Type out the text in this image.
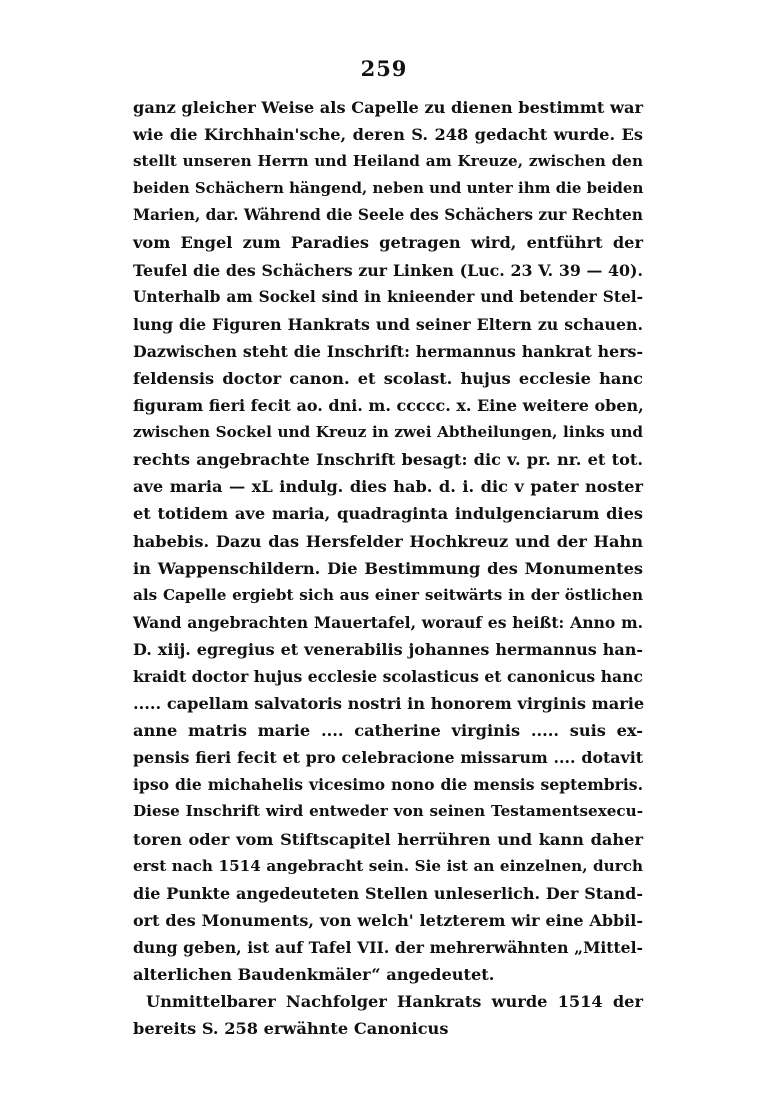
259
ganz gleicher Weise als Capelle zu dienen bestimmt war
wie die Kirchhain'sche, deren S. 248 gedacht wurde. Es
stellt unseren Herrn und Heiland am Kreuze, zwischen den
beiden Schächern hängend, neben und unter ihm die beiden
Marien, dar. Während die Seele des Schächers zur Rechten
vom Engel zum Paradies getragen wird, entführt der
Teufel die des Schächers zur Linken (Luc. 23 V. 39 — 40).
Unterhalb am Sockel sind in knieender und betender Stel-
lung die Figuren Hankrats und seiner Eltern zu schauen.
Dazwischen steht die Inschrift: hermannus hankrat hers-
feldensis doctor canon. et scolast. hujus ecclesie hanc
figuram fieri fecit ao. dni. m. ccccc. x. Eine weitere oben,
zwischen Sockel und Kreuz in zwei Abtheilungen, links und
rechts angebrachte Inschrift besagt: dic v. pr. nr. et tot.
ave maria — xL indulg. dies hab. d. i. dic v pater noster
et totidem ave maria, quadraginta indulgenciarum dies
habebis. Dazu das Hersfelder Hochkreuz und der Hahn
in Wappenschildern. Die Bestimmung des Monumentes
als Capelle ergiebt sich aus einer seitwärts in der östlichen
Wand angebrachten Mauertafel, worauf es heißt: Anno m.
D. xiij. egregius et venerabilis johannes hermannus han-
kraidt doctor hujus ecclesie scolasticus et canonicus hanc
..... capellam salvatoris nostri in honorem virginis marie
anne matris marie .... catherine virginis ..... suis ex-
pensis fieri fecit et pro celebracione missarum .... dotavit
ipso die michahelis vicesimo nono die mensis septembris.
Diese Inschrift wird entweder von seinen Testamentsexecu-
toren oder vom Stiftscapitel herrühren und kann daher
erst nach 1514 angebracht sein. Sie ist an einzelnen, durch
die Punkte angedeuteten Stellen unleserlich. Der Stand-
ort des Monuments, von welch' letzterem wir eine Abbil-
dung geben, ist auf Tafel VII. der mehrerwähnten „Mittel-
alterlichen Baudenkmäler“ angedeutet.
Unmittelbarer Nachfolger Hankrats wurde 1514 der
bereits S. 258 erwähnte Canonicus
